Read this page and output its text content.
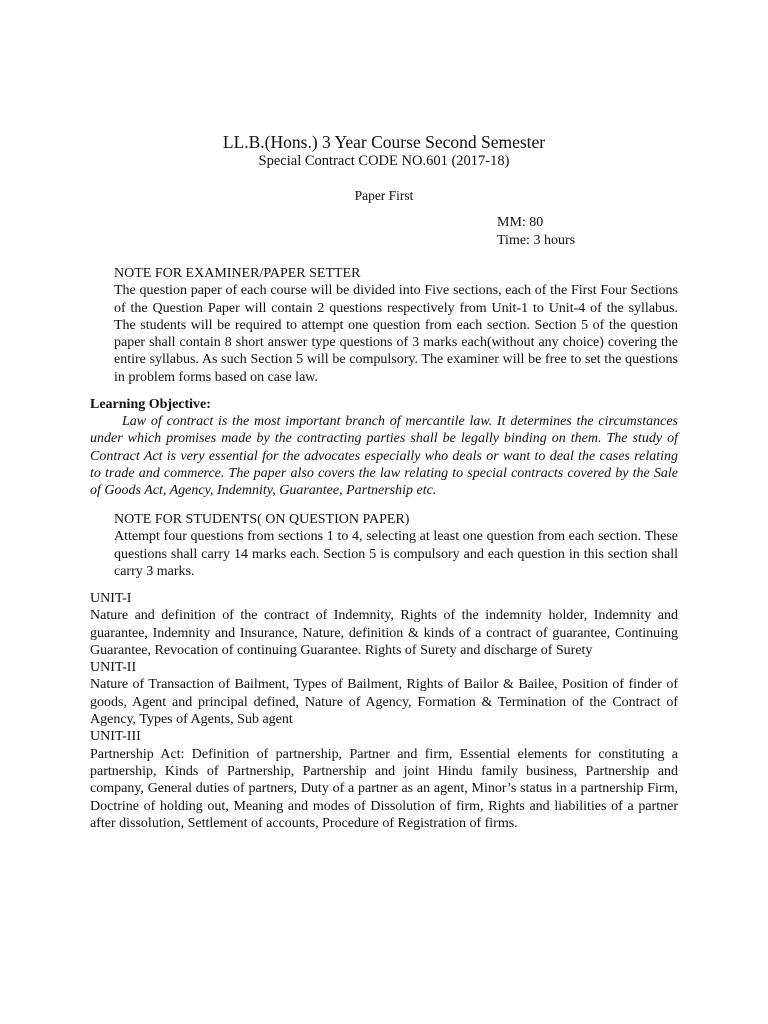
LL.B.(Hons.) 3 Year Course Second Semester
Special Contract CODE NO.601 (2017-18)
Paper First
MM: 80
Time: 3 hours
NOTE FOR EXAMINER/PAPER SETTER
The question paper of each course will be divided into Five sections, each of the First Four Sections of the Question Paper will contain 2 questions respectively from Unit-1 to Unit-4 of the syllabus. The students will be required to attempt one question from each section. Section 5 of the question paper shall contain 8 short answer type questions of 3 marks each(without any choice) covering the entire syllabus. As such Section 5 will be compulsory. The examiner will be free to set the questions in problem forms based on case law.
Learning Objective:
Law of contract is the most important branch of mercantile law. It determines the circumstances under which promises made by the contracting parties shall be legally binding on them. The study of Contract Act is very essential for the advocates especially who deals or want to deal the cases relating to trade and commerce. The paper also covers the law relating to special contracts covered by the Sale of Goods Act, Agency, Indemnity, Guarantee, Partnership etc.
NOTE FOR STUDENTS( ON QUESTION PAPER)
Attempt four questions from sections 1 to 4, selecting at least one question from each section. These questions shall carry 14 marks each. Section 5 is compulsory and each question in this section shall carry 3 marks.
UNIT-I
Nature and definition of the contract of Indemnity, Rights of the indemnity holder, Indemnity and guarantee, Indemnity and Insurance, Nature, definition & kinds of a contract of guarantee, Continuing Guarantee, Revocation of continuing Guarantee. Rights of Surety and discharge of Surety
UNIT-II
Nature of Transaction of Bailment, Types of Bailment, Rights of Bailor & Bailee, Position of finder of goods, Agent and principal defined, Nature of Agency, Formation & Termination of the Contract of Agency, Types of Agents, Sub agent
UNIT-III
Partnership Act: Definition of partnership, Partner and firm, Essential elements for constituting a partnership, Kinds of Partnership, Partnership and joint Hindu family business, Partnership and company, General duties of partners, Duty of a partner as an agent, Minor’s status in a partnership Firm, Doctrine of holding out, Meaning and modes of Dissolution of firm, Rights and liabilities of a partner after dissolution, Settlement of accounts, Procedure of Registration of firms.
